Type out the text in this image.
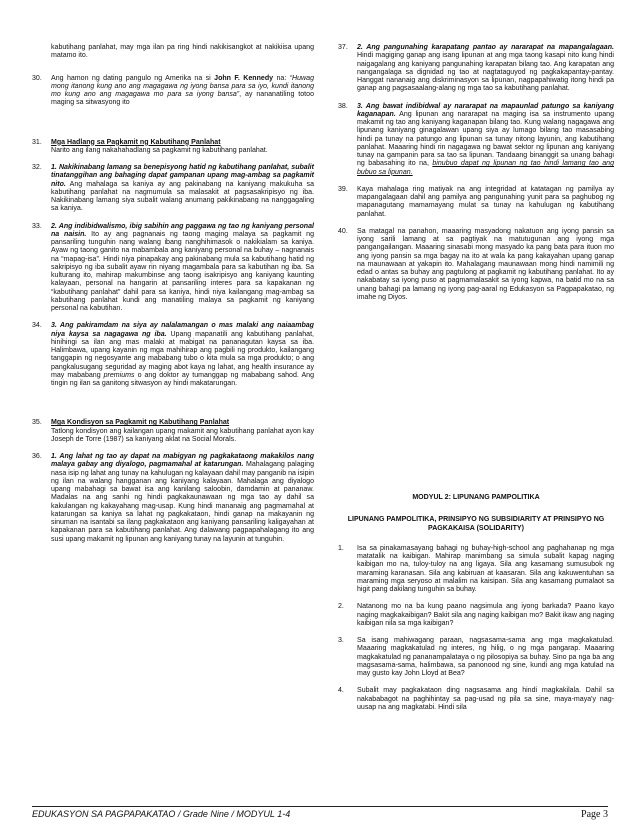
kabutihang panlahat, may mga ilan pa ring hindi nakikisangkot at nakikiisa upang matamo ito.
30.	Ang hamon ng dating pangulo ng Amerika na si John F. Kennedy na: “Huwag mong itanong kung ano ang magagawa ng iyong bansa para sa iyo, kundi itanong mo kung ano ang magagawa mo para sa iyong bansa”, ay nananatiling totoo maging sa sitwasyong ito

31.	Mga Hadlang sa Pagkamit ng Kabutihang Panlahat

Narito ang ilang nakahahadlang sa pagkamit ng kabutihang panlahat.

32.	1. Nakikinabang lamang sa benepisyong hatid ng kabutihang panlahat, subalit tinatanggihan ang bahaging dapat gampanan upang mag-ambag sa pagkamit nito. Ang mahalaga sa kaniya ay ang pakinabang na kaniyang makukuha sa kabutihang panlahat na nagmumula sa malasakit at pagsasakripisyo ng iba. Nakikinabang lamang siya subalit walang anumang pakikinabang na nanggagaling sa kaniya.

33.	2. Ang indibidwalismo, ibig sabihin ang paggawa ng tao ng kaniyang personal na naisin. Ito ay ang pagnanais ng taong maging malaya sa pagkamit ng pansariling tunguhin nang walang ibang nanghihimasok o nakikialam sa kaniya. Ayaw ng taong ganito na mabambala ang kaniyang personal na buhay – nagnanais na “mapag-isa”. Hindi niya pinapakay ang pakinabang mula sa kabutihang hatid ng sakripisyo ng iba subalit ayaw rin niyang magambala para sa kabutihan ng iba. Sa kulturang ito, mahirap makumbinse ang taong isakripisyo ang kaniyang kaunting kalayaan, personal na hangarin at pansariling interes para sa kapakanan ng “kabutihang panlahat” dahil para sa kaniya, hindi niya kailangang mag-ambag sa kabutihang panlahat kundi ang manatiling malaya sa pagkamit ng kaniyang personal na kabutihan.

34.	3. Ang pakiramdam na siya ay nalalamangan o mas malaki ang naiaambag niya kaysa sa nagagawa ng iba. Upang mapanatili ang kabutihang panlahat, hinihingi sa ilan ang mas malaki at mabigat na pananagutan kaysa sa iba. Halimbawa, upang kayanin ng mga mahihirap ang pagbili ng produkto, kailangang tanggapin ng negosyante ang mababang tubo o kita mula sa mga produkto; o ang pangkalusugang seguridad ay maging abot kaya ng lahat, ang health insurance ay may mababang premiums o ang doktor ay tumanggap ng mababang sahod. Ang tingin ng ilan sa ganitong sitwasyon ay hindi makatarungan.

35.	Mga Kondisyon sa Pagkamit ng Kabutihang Panlahat

Tatlong kondisyon ang kailangan upang makamit ang kabutihang panlahat ayon kay Joseph de Torre (1987) sa kaniyang aklat na Social Morals.

36.	1. Ang lahat ng tao ay dapat na mabigyan ng pagkakataong makakilos nang malaya gabay ang diyalogo, pagmamahal at katarungan. Mahalagang palaging nasa isip ng lahat ang tunay na kahulugan ng kalayaan dahil may panganib na isipin ng ilan na walang hangganan ang kaniyang kalayaan. Mahalaga ang diyalogo upang mabahagi sa bawat isa ang kanilang saloobin, damdamin at pananaw. Madalas na ang sanhi ng hindi pagkakaunawaan ng mga tao ay dahil sa kakulangan ng kakayahang mag-usap. Kung hindi mananaig ang pagmamahal at katarungan sa kaniya sa lahat ng pagkakataon, hindi ganap na makayanin ng sinuman na isantabi sa ilang pagkakataon ang kaniyang pansariling kaligayahan at kapakanan para sa kabutihang panlahat. Ang dalawang pagpapahalagang ito ang susi upang makamit ng lipunan ang kaniyang tunay na layunin at tunguhin.

37.	2. Ang pangunahing karapatang pantao ay nararapat na mapangalagaan. Hindi magiging ganap ang isang lipunan at ang mga taong kasapi nito kung hindi naigagalang ang kaniyang pangunahing karapatan bilang tao. Ang karapatan ang nangangalaga sa dignidad ng tao at nagtataguyod ng pagkakapantay-pantay. Hanggat nananaig ang diskriminasyon sa lipunan, nagpapahiwatig itong hindi pa ganap ang pagsasaalang-alang ng mga tao sa kabutihang panlahat.

38.	3. Ang bawat indibidwal ay nararapat na mapaunlad patungo sa kaniyang kaganapan. Ang lipunan ang nararapat na maging isa sa instrumento upang makamit ng tao ang kaniyang kaganapan bilang tao. Kung walang nagagawa ang lipunang kaniyang ginagalawan upang siya ay lumago bilang tao masasabing hindi pa tunay na patungo ang lipunan sa tunay nitong layunin, ang kabutihang panlahat. Maaaring hindi rin nagagawa ng bawat sektor ng lipunan ang kaniyang tunay na gampanin para sa tao sa lipunan. Tandaang binanggit sa unang bahagi ng babasahing ito na, binubuo dapat ng lipunan ng tao hindi lamang tao ang bubuo sa lipunan.

39.	Kaya mahalaga ring matiyak na ang integridad at katatagan ng pamilya ay mapangalagaan dahil ang pamilya ang pangunahing yunit para sa paghubog ng mapanagutang mamamayang mulat sa tunay na kahulugan ng kabutihang panlahat.

40.	Sa matagal na panahon, maaaring masyadong nakatuon ang iyong pansin sa iyong sarili lamang at sa pagtiyak na matutugunan ang iyong mga pangangailangan. Maaaring sinasabi mong masyado ka pang bata para ituon mo ang iyong pansin sa mga bagay na ito at wala ka pang kakayahan upang ganap na maunawaan at yakapin ito. Mahalagang maunawaan mong hindi namimili ng edad o antas sa buhay ang pagtulong at pagkamit ng kabutihang panlahat. Ito ay nakabatay sa iyong puso at pagmamalasakit sa iyong kapwa, na batid mo na sa unang bahagi pa lamang ng iyong pag-aaral ng Edukasyon sa Pagpapakatao, ng imahe ng Diyos.

MODYUL 2: LIPUNANG PAMPOLITIKA

LIPUNANG PAMPOLITIKA, PRINSIPYO NG SUBSIDIARITY AT PRINSIPYO NG PAGKAKAISA (SOLIDARITY)

1.	Isa sa pinakamasayang bahagi ng buhay-high-school ang paghahanap ng mga matatalik na kaibigan. Mahirap manimbang sa simula subalit kapag naging kaibigan mo na, tuloy-tuloy na ang ligaya. Sila ang kasamang sumusubok ng maraming karanasan. Sila ang kabiruan at kaasaran. Sila ang kakuwentuhan sa maraming mga seryoso at malalim na kaisipan. Sila ang kasamang pumalaot sa higit pang dakilang tunguhin sa buhay.

2.	Natanong mo na ba kung paano nagsimula ang iyong barkada? Paano kayo naging magkakaibigan? Bakit sila ang naging kaibigan mo? Bakit ikaw ang naging kaibigan nila sa mga kaibigan?

3.	Sa isang mahiwagang paraan, nagsasama-sama ang mga magkakatulad. Maaaring magkakatulad ng interes, ng hilig, o ng mga pangarap. Maaaring magkakatulad ng pananampalataya o ng pilosopiya sa buhay. Sino pa nga ba ang magsasama-sama, halimbawa, sa panonood ng sine, kundi ang mga katulad na may gusto kay John Lloyd at Bea?

4.	Subalit may pagkakataon ding nagsasama ang hindi magkakilala. Dahil sa nakababagot na paghihintay sa pag-usad ng pila sa sine, maya-maya'y nag-uusap na ang magkatabi. Hindi sila

EDUKASYON SA PAGPAPAKATAO / Grade Nine / MODYUL 1-4	Page 3
